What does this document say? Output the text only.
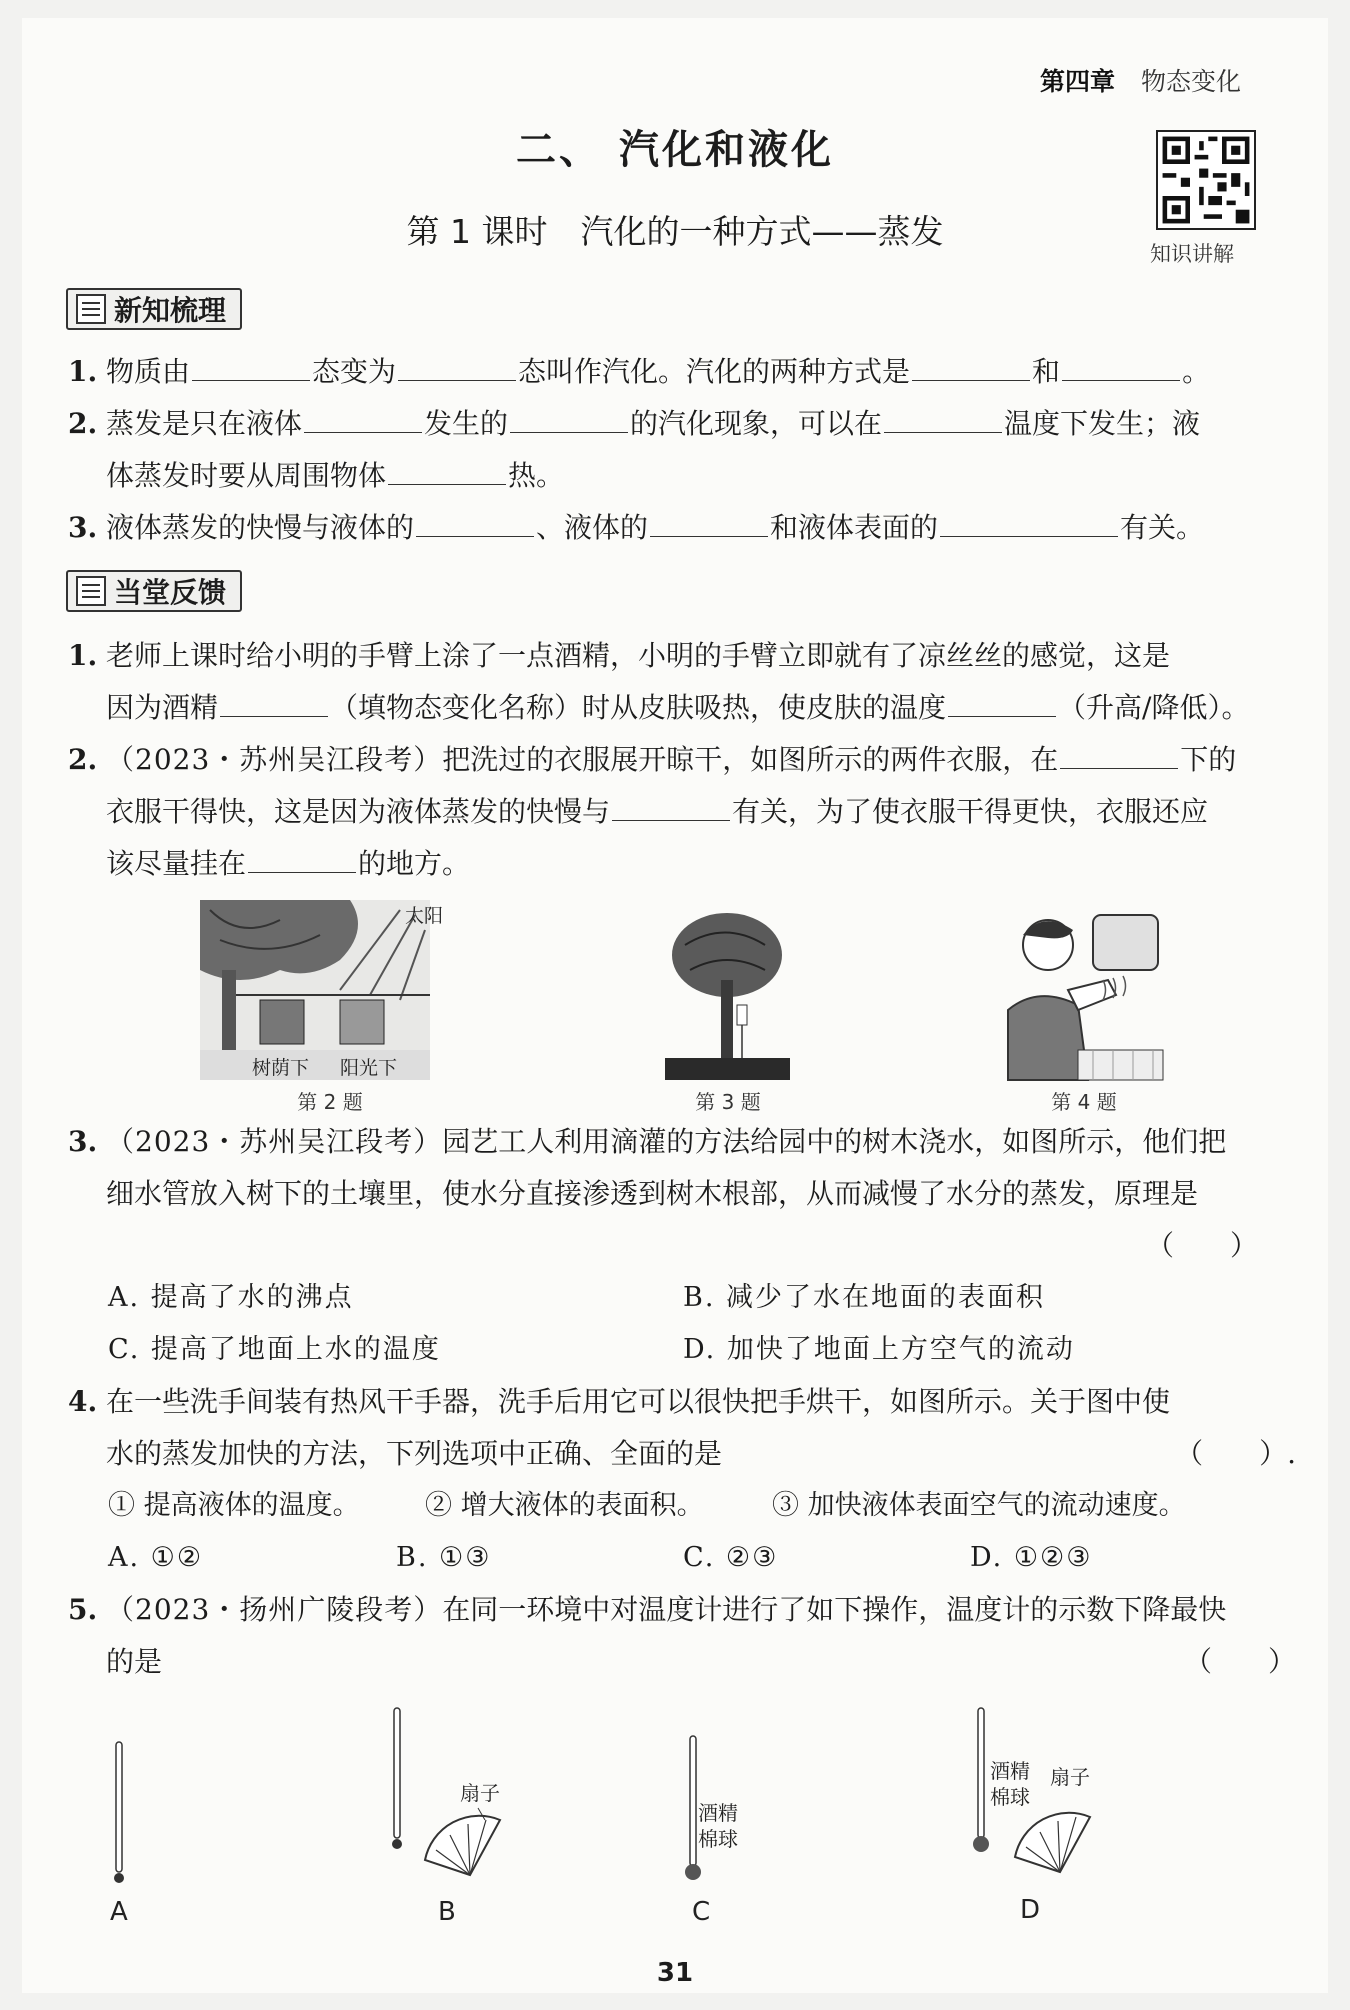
第四章 物态变化
二、 汽化和液化
第 1 课时　汽化的一种方式——蒸发
知识讲解
新知梳理
1. 物质由	态变为	态叫作汽化。汽化的两种方式是	和	。
2. 蒸发是只在液体	发生的	的汽化现象，可以在	温度下发生；液
体蒸发时要从周围物体	热。
3. 液体蒸发的快慢与液体的	、液体的	和液体表面的	有关。
当堂反馈
1. 老师上课时给小明的手臂上涂了一点酒精，小明的手臂立即就有了凉丝丝的感觉，这是
因为酒精	（填物态变化名称）时从皮肤吸热，使皮肤的温度	（升高/降低）。
2. （2023・苏州吴江段考）把洗过的衣服展开晾干，如图所示的两件衣服，在	下的
衣服干得快，这是因为液体蒸发的快慢与	有关，为了使衣服干得更快，衣服还应
该尽量挂在	的地方。
太阳
树荫下 阳光下
第 2 题	第 3 题	第 4 题
3. （2023・苏州吴江段考）园艺工人利用滴灌的方法给园中的树木浇水，如图所示，他们把
细水管放入树下的土壤里，使水分直接渗透到树木根部，从而减慢了水分的蒸发，原理是
（　　）
A. 提高了水的沸点	B. 减少了水在地面的表面积
C. 提高了地面上水的温度	D. 加快了地面上方空气的流动
4. 在一些洗手间装有热风干手器，洗手后用它可以很快把手烘干，如图所示。关于图中使
水的蒸发加快的方法，下列选项中正确、全面的是	（　　）.
① 提高液体的温度。 ② 增大液体的表面积。	③ 加快液体表面空气的流动速度。
A. ①②	B. ①③	C. ②③	D. ①②③
5. （2023・扬州广陵段考）在同一环境中对温度计进行了如下操作，温度计的示数下降最快
的是	（　　）
A
扇子
B
酒精
棉球
C
酒精
棉球
扇子
D
31
